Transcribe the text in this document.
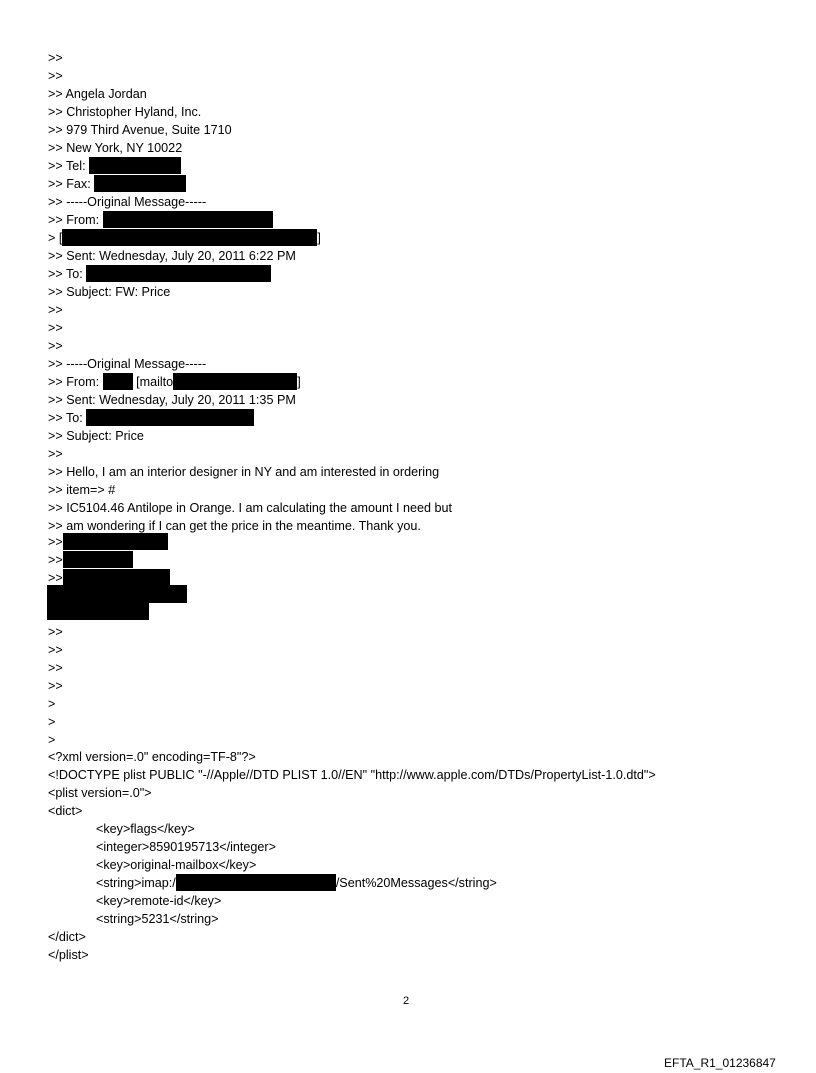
>>
>>
>> Angela Jordan
>> Christopher Hyland, Inc.
>> 979 Third Avenue, Suite 1710
>> New York, NY 10022
>> Tel:
>> Fax:
>> -----Original Message-----
>> From:
> [	]
>> Sent: Wednesday, July 20, 2011 6:22 PM
>> To:
>> Subject: FW: Price
>>
>>
>>
>> -----Original Message-----
>> From:	[mailto	]
>> Sent: Wednesday, July 20, 2011 1:35 PM
>> To:
>> Subject: Price
>>
>> Hello, I am an interior designer in NY and am interested in ordering
>> item=> #
>> IC5104.46 Antilope in Orange. I am calculating the amount I need but
>> am wondering if I can get the price in the meantime. Thank you.
>>
>>
>>
>>
>>
>>
>>
>
>
>
<?xml version=.0" encoding=TF-8"?>
<!DOCTYPE plist PUBLIC "-//Apple//DTD PLIST 1.0//EN" "http://www.apple.com/DTDs/PropertyList-1.0.dtd">
<plist version=.0">
<dict>
<key>flags</key>
<integer>8590195713</integer>
<key>original-mailbox</key>
<string>imap:/	/Sent%20Messages</string>
<key>remote-id</key>
<string>5231</string>
</dict>
</plist>
2
EFTA_R1_01236847
